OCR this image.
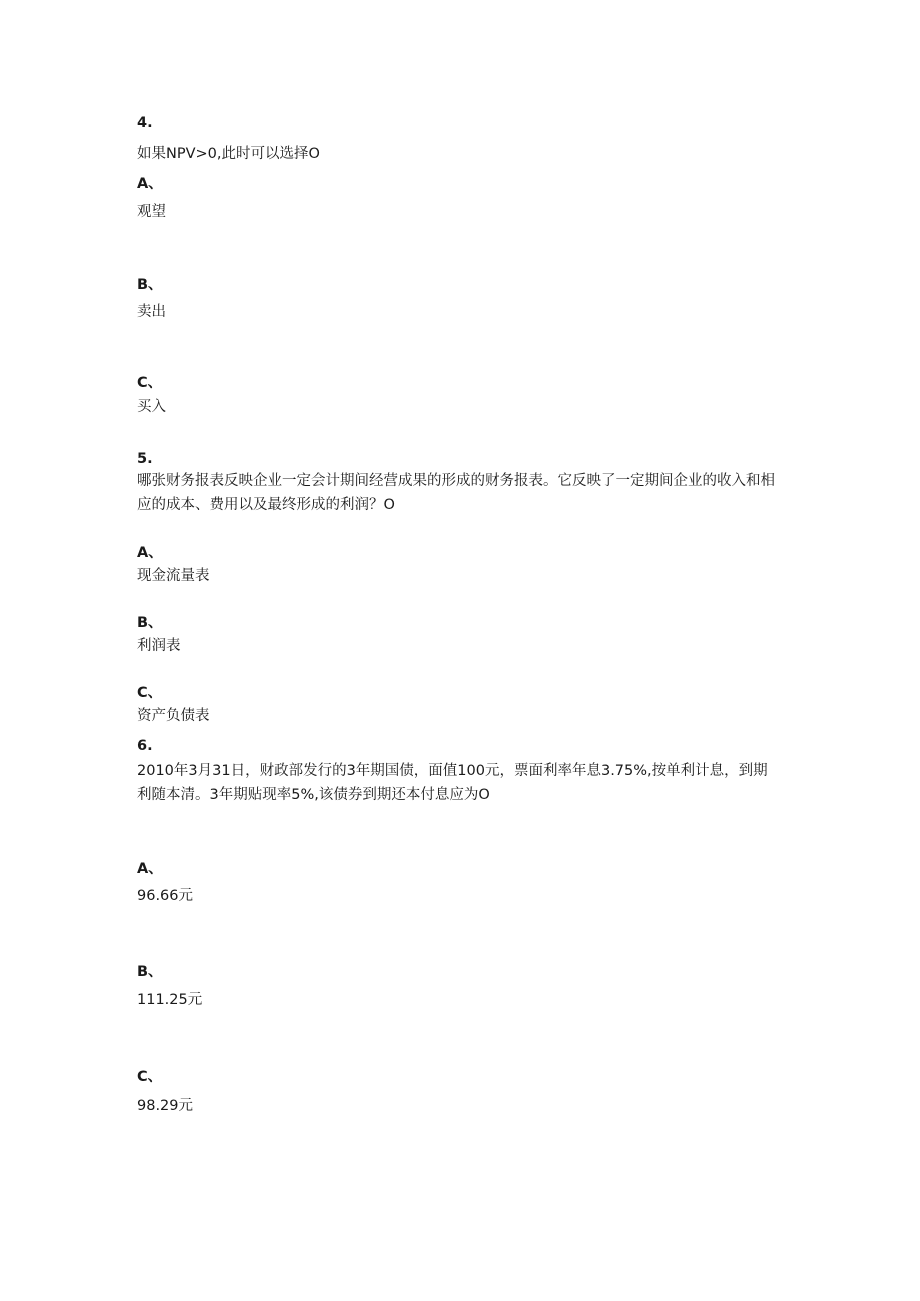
4.
如果NPV>0,此时可以选择O
A、
观望
B、
卖出
C、
买入
5.
哪张财务报表反映企业一定会计期间经营成果的形成的财务报表。它反映了一定期间企业的收入和相应的成本、费用以及最终形成的利润？O
A、
现金流量表
B、
利润表
C、
资产负债表
6.
2010年3月31日，财政部发行的3年期国债，面值100元，票面利率年息3.75%,按单利计息，到期利随本清。3年期贴现率5%,该债券到期还本付息应为O
A、
96.66元
B、
111.25元
C、
98.29元
